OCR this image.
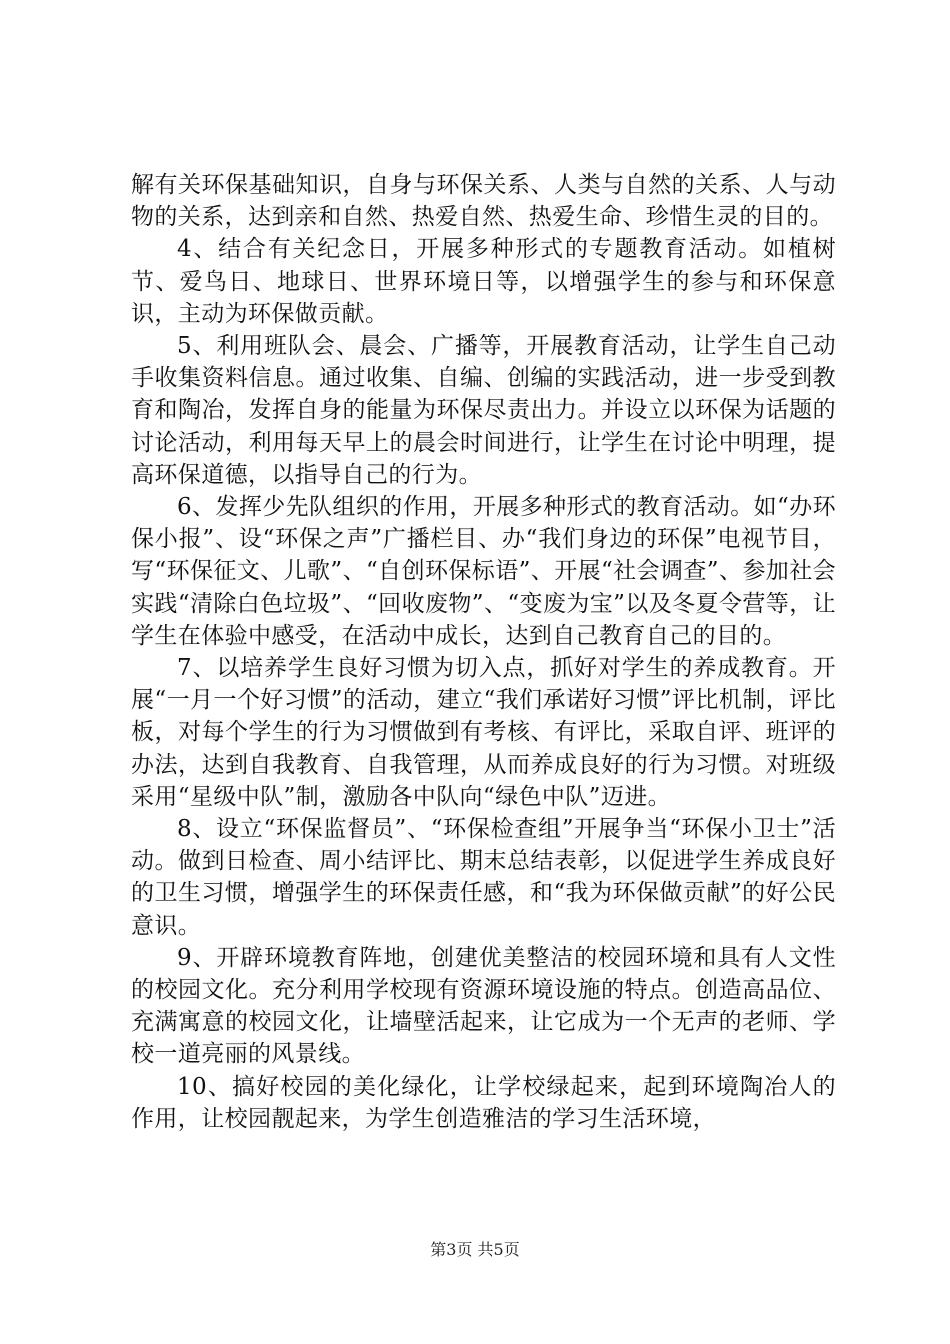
解有关环保基础知识，自身与环保关系、人类与自然的关系、人与动物的关系，达到亲和自然、热爱自然、热爱生命、珍惜生灵的目的。

4、结合有关纪念日，开展多种形式的专题教育活动。如植树节、爱鸟日、地球日、世界环境日等，以增强学生的参与和环保意识，主动为环保做贡献。

5、利用班队会、晨会、广播等，开展教育活动，让学生自己动手收集资料信息。通过收集、自编、创编的实践活动，进一步受到教育和陶冶，发挥自身的能量为环保尽责出力。并设立以环保为话题的讨论活动，利用每天早上的晨会时间进行，让学生在讨论中明理，提高环保道德，以指导自己的行为。

6、发挥少先队组织的作用，开展多种形式的教育活动。如“办环保小报”、设“环保之声”广播栏目、办“我们身边的环保”电视节目，写“环保征文、儿歌”、“自创环保标语”、开展“社会调查”、参加社会实践“清除白色垃圾”、“回收废物”、“变废为宝”以及冬夏令营等，让学生在体验中感受，在活动中成长，达到自己教育自己的目的。

7、以培养学生良好习惯为切入点，抓好对学生的养成教育。开展“一月一个好习惯”的活动，建立“我们承诺好习惯”评比机制，评比板，对每个学生的行为习惯做到有考核、有评比，采取自评、班评的办法，达到自我教育、自我管理，从而养成良好的行为习惯。对班级采用“星级中队”制，激励各中队向“绿色中队”迈进。

8、设立“环保监督员”、“环保检查组”开展争当“环保小卫士”活动。做到日检查、周小结评比、期末总结表彰，以促进学生养成良好的卫生习惯，增强学生的环保责任感，和“我为环保做贡献”的好公民意识。

9、开辟环境教育阵地，创建优美整洁的校园环境和具有人文性的校园文化。充分利用学校现有资源环境设施的特点。创造高品位、充满寓意的校园文化，让墙壁活起来，让它成为一个无声的老师、学校一道亮丽的风景线。

10、搞好校园的美化绿化，让学校绿起来，起到环境陶冶人的作用，让校园靓起来，为学生创造雅洁的学习生活环境，

第3页 共5页
